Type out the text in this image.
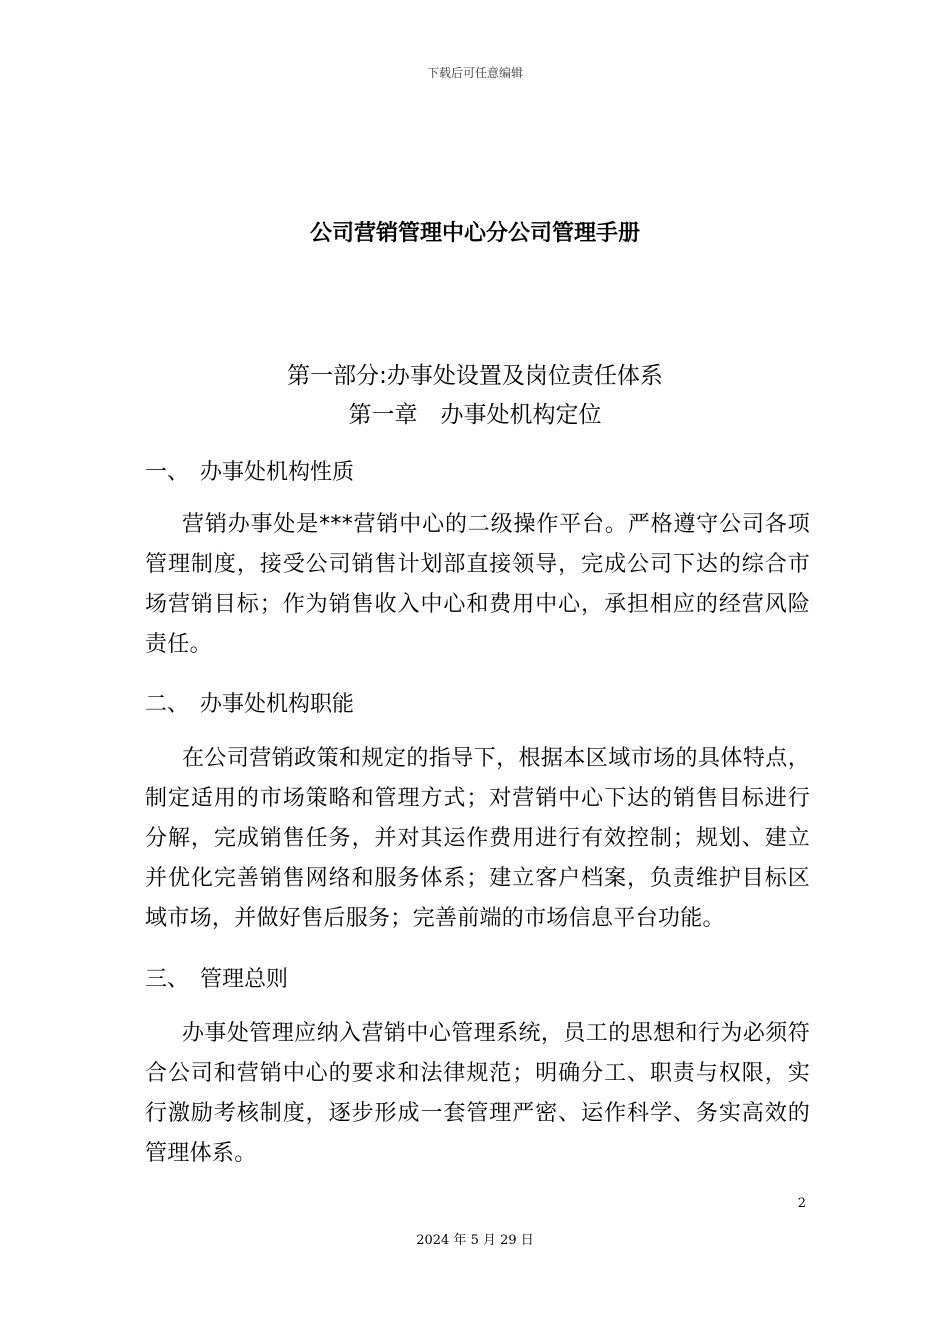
下载后可任意编辑
公司营销管理中心分公司管理手册
第一部分:办事处设置及岗位责任体系
第一章　办事处机构定位
一、　办事处机构性质
营销办事处是***营销中心的二级操作平台。严格遵守公司各项管理制度，接受公司销售计划部直接领导，完成公司下达的综合市场营销目标；作为销售收入中心和费用中心，承担相应的经营风险责任。
二、　办事处机构职能
在公司营销政策和规定的指导下，根据本区域市场的具体特点，制定适用的市场策略和管理方式；对营销中心下达的销售目标进行分解，完成销售任务，并对其运作费用进行有效控制；规划、建立并优化完善销售网络和服务体系；建立客户档案，负责维护目标区域市场，并做好售后服务；完善前端的市场信息平台功能。
三、　管理总则
办事处管理应纳入营销中心管理系统，员工的思想和行为必须符合公司和营销中心的要求和法律规范；明确分工、职责与权限，实行激励考核制度，逐步形成一套管理严密、运作科学、务实高效的管理体系。
2
2024 年 5 月 29 日
